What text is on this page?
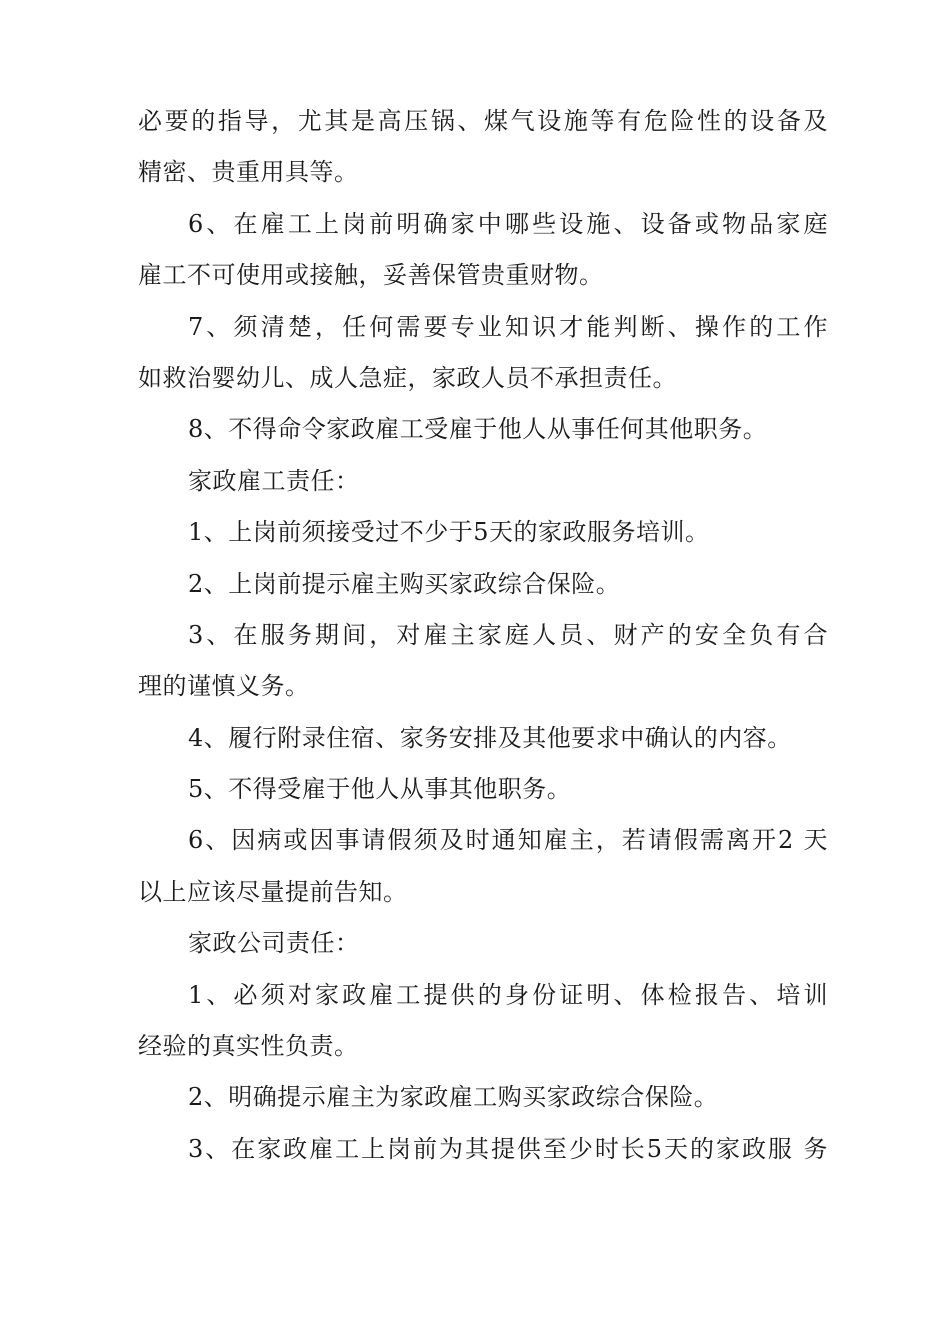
必要的指导，尤其是高压锅、煤气设施等有危险性的设备及
精密、贵重用具等。
6、在雇工上岗前明确家中哪些设施、设备或物品家庭
雇工不可使用或接触，妥善保管贵重财物。
7、须清楚，任何需要专业知识才能判断、操作的工作
如救治婴幼儿、成人急症，家政人员不承担责任。
8、不得命令家政雇工受雇于他人从事任何其他职务。
家政雇工责任：
1、上岗前须接受过不少于5天的家政服务培训。
2、上岗前提示雇主购买家政综合保险。
3、在服务期间，对雇主家庭人员、财产的安全负有合
理的谨慎义务。
4、履行附录住宿、家务安排及其他要求中确认的内容。
5、不得受雇于他人从事其他职务。
6、因病或因事请假须及时通知雇主，若请假需离开2 天
以上应该尽量提前告知。
家政公司责任：
1、必须对家政雇工提供的身份证明、体检报告、培训
经验的真实性负责。
2、明确提示雇主为家政雇工购买家政综合保险。
3、在家政雇工上岗前为其提供至少时长5天的家政服 务
